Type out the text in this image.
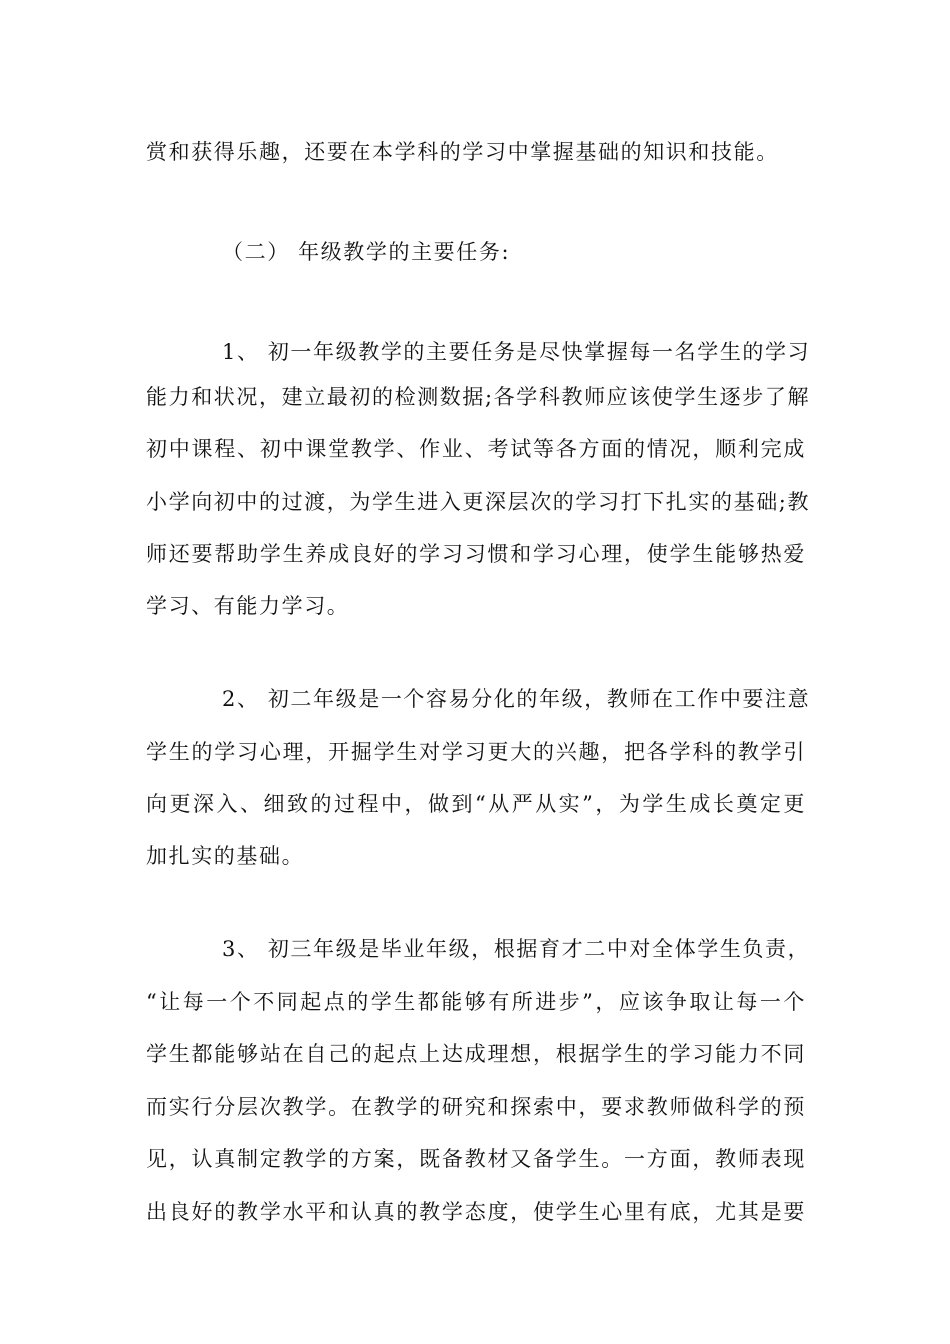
赏和获得乐趣，还要在本学科的学习中掌握基础的知识和技能。
（二） 年级教学的主要任务:
1、 初一年级教学的主要任务是尽快掌握每一名学生的学习
能力和状况，建立最初的检测数据;各学科教师应该使学生逐步了解
初中课程、初中课堂教学、作业、考试等各方面的情况，顺利完成
小学向初中的过渡，为学生进入更深层次的学习打下扎实的基础;教
师还要帮助学生养成良好的学习习惯和学习心理，使学生能够热爱
学习、有能力学习。
2、 初二年级是一个容易分化的年级，教师在工作中要注意
学生的学习心理，开掘学生对学习更大的兴趣，把各学科的教学引
向更深入、细致的过程中，做到“从严从实”，为学生成长奠定更
加扎实的基础。
3、 初三年级是毕业年级，根据育才二中对全体学生负责，
“让每一个不同起点的学生都能够有所进步”，应该争取让每一个
学生都能够站在自己的起点上达成理想，根据学生的学习能力不同
而实行分层次教学。在教学的研究和探索中，要求教师做科学的预
见，认真制定教学的方案，既备教材又备学生。一方面，教师表现
出良好的教学水平和认真的教学态度，使学生心里有底，尤其是要
